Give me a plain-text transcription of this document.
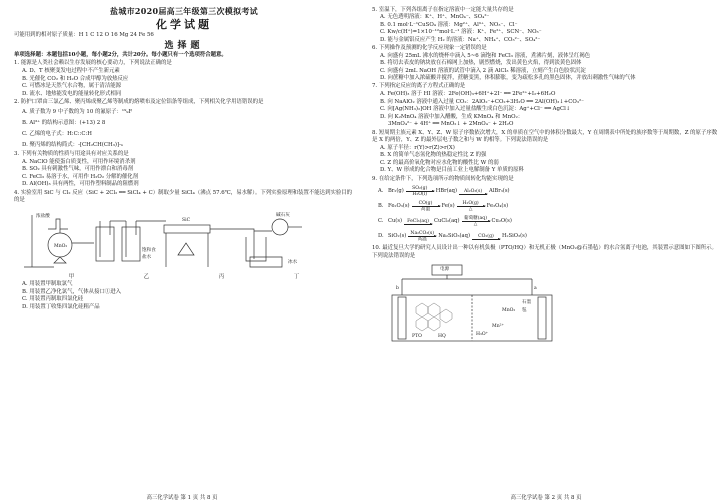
盐城市2020届高三年级第三次模拟考试
化学试题
可能用到的相对原子质量：H 1 C 12 O 16 Mg 24 Fe 56
选择题
单项选择题：本题包括10小题，每小题2分，共计20分。每小题只有一个选项符合题意。
1. 能源是人类社会赖以生存发展的核心要动力，下列说法正确的是
A. D、T 核聚变发电过程中不产生新元素
B. 光催化 CO₂ 和 H₂O 合成甲醇为放热反应
C. 可燃冰是天然气水合物，属于清洁能源
D. 流水、地热能发电的能量转化形式相同
2. 防护口罩由三氯乙烯、聚丙烯成聚乙烯等制成的熔喷布及定位铝条等组成，下列相关化学用语错误的是
A. 质子数为 9 中子数的为 10 的氟原子：¹⁹₉F
B. Al³⁺ 的结构示意图：(+13) 2 8
C. 乙烯的电子式：H:C::C:H
D. 聚丙烯的结构简式：-[CH₂CH(CH₃)]-ₙ
3. 下列有关物质的性质与用途具有对应关系的是
A. NaClO 能使蛋白质变性，可用作环境消杀剂
B. SO₂ 具有刺激性气味，可用作漂白和消毒剂
C. FeCl₃ 易溶于水，可用作 H₂O₂ 分解的催化剂
D. Al(OH)₃ 具有两性，可用作塑料制品的阻燃剂
4. 实验室用 SiC 与 Cl₂ 反应（SiC + 2Cl₂ ══ SiCl₄ + C）制取少量 SiCl₄（沸点 57.6℃，易水解）。下列实验原理和装置不能达到实验目的的是
浓盐酸
MnO₂
饱和食盐水
SiC
碱石灰
冰水
甲	乙	丙	丁
A. 用装置甲制取氯气
B. 用装置乙净化氯气，气体从接口①进入
C. 用装置丙制取四氯化硅
D. 用装置丁收集四氯化硅粗产品
高三化学试卷 第 1 页 共 8 页
5. 室温下，下列各组离子在指定溶液中一定能大量共存的是
A. 无色透明溶液：K⁺、H⁺、MnO₄⁻、SO₄²⁻
B. 0.1 mol·L⁻¹CuSO₄ 溶液：Mg²⁺、Al³⁺、NO₃⁻、Cl⁻
C. Kw/c(H⁺)=1×10⁻¹²mol·L⁻¹ 溶液：K⁺、Fe²⁺、SCN⁻、NO₃⁻
D. 能与金属铝反应产生 H₂ 的溶液：Na⁺、NH₄⁺、CO₃²⁻、SO₄²⁻
6. 下列操作及预测的化学反应现象一定错误的是
A. 向盛有 25mL 沸水的烧杯中滴入 5~6 滴饱和 FeCl₃ 溶液，煮沸片刻，液体呈红褐色
B. 将切去表皮的钠块放在石棉网上加热，剧烈燃烧，发出黄色火焰，得到淡黄色固体
C. 向盛有 2mL NaOH 溶液的试管中滴入 2 滴 AlCl₃ 稀溶液，立刻产生白色胶状沉淀
D. 向蔗糖中加入浓硫酸并搅拌，蔗糖变黑，体积膨胀，变为疏松多孔的黑色固体，并放出刺激性气味的气体
7. 下列指定反应的离子方程式正确的是
A. Fe(OH)₃ 溶于 HI 溶液：2Fe(OH)₃+6H⁺+2I⁻ ══ 2Fe²⁺+I₂+6H₂O
B. 向 NaAlO₂ 溶液中通入过量 CO₂：2AlO₂⁻+CO₂+3H₂O ══ 2Al(OH)₃↓+CO₃²⁻
C. 向[Ag(NH₃)₂]OH 溶液中加入过量盐酸生成白色沉淀：Ag⁺+Cl⁻ ══ AgCl↓
D. 向 K₂MnO₄ 溶液中加入醋酸，生成 KMnO₄ 和 MnO₂：
3MnO₄²⁻ + 4H⁺ ══ MnO₂↓ + 2MnO₄⁻ + 2H₂O
8. 短周期主族元素 X、Y、Z、W 原子序数依次增大，X 的单质在空气中的体积分数最大，Y 在周期表中所处的族序数等于周期数，Z 的原子序数是 X 的两倍，Y、Z 的最外层电子数之和与 W 的相等。下列说法错误的是
A. 原子半径：r(Y)>r(Z)>r(X)
B. X 的简单气态氢化物的热稳定性比 Z 的强
C. Z 的最高价氧化物对应水化物的酸性比 W 的弱
D. Y、W 形成的化合物是目前工业上电解制备 Y 单质的原料
9. 在给定条件下，下列选项所示的物质间转化均能实现的是
A. Br₂(g) SO₂(g)
H₂O(l)
HBr(aq) Al₂O₃(s) AlBr₃(s)
B. Fe₂O₃(s) CO(g)
高温
Fe(s) H₂O(g)
△
Fe₃O₄(s)
C. Cu(s) FeCl₃(aq) CuCl₂(aq) 葡萄糖(aq)
△
Cu₂O(s)
D. SiO₂(s) Na₂CO₃(s)
高温
Na₂SiO₃(aq) CO₂(g) H₂SiO₃(s)
10. 最近复旦大学的研究人员设计出一种以有机负极（PTO/HQ）和无机正极（MnO₂@石墨毡）的水合氢离子电池，其装置示意图如下图所示。下列说法错误的是
电源
b	a
PTO	HQ
石墨毡
MnO₂
Mn²⁺
H₃O⁺
高三化学试卷 第 2 页 共 8 页
